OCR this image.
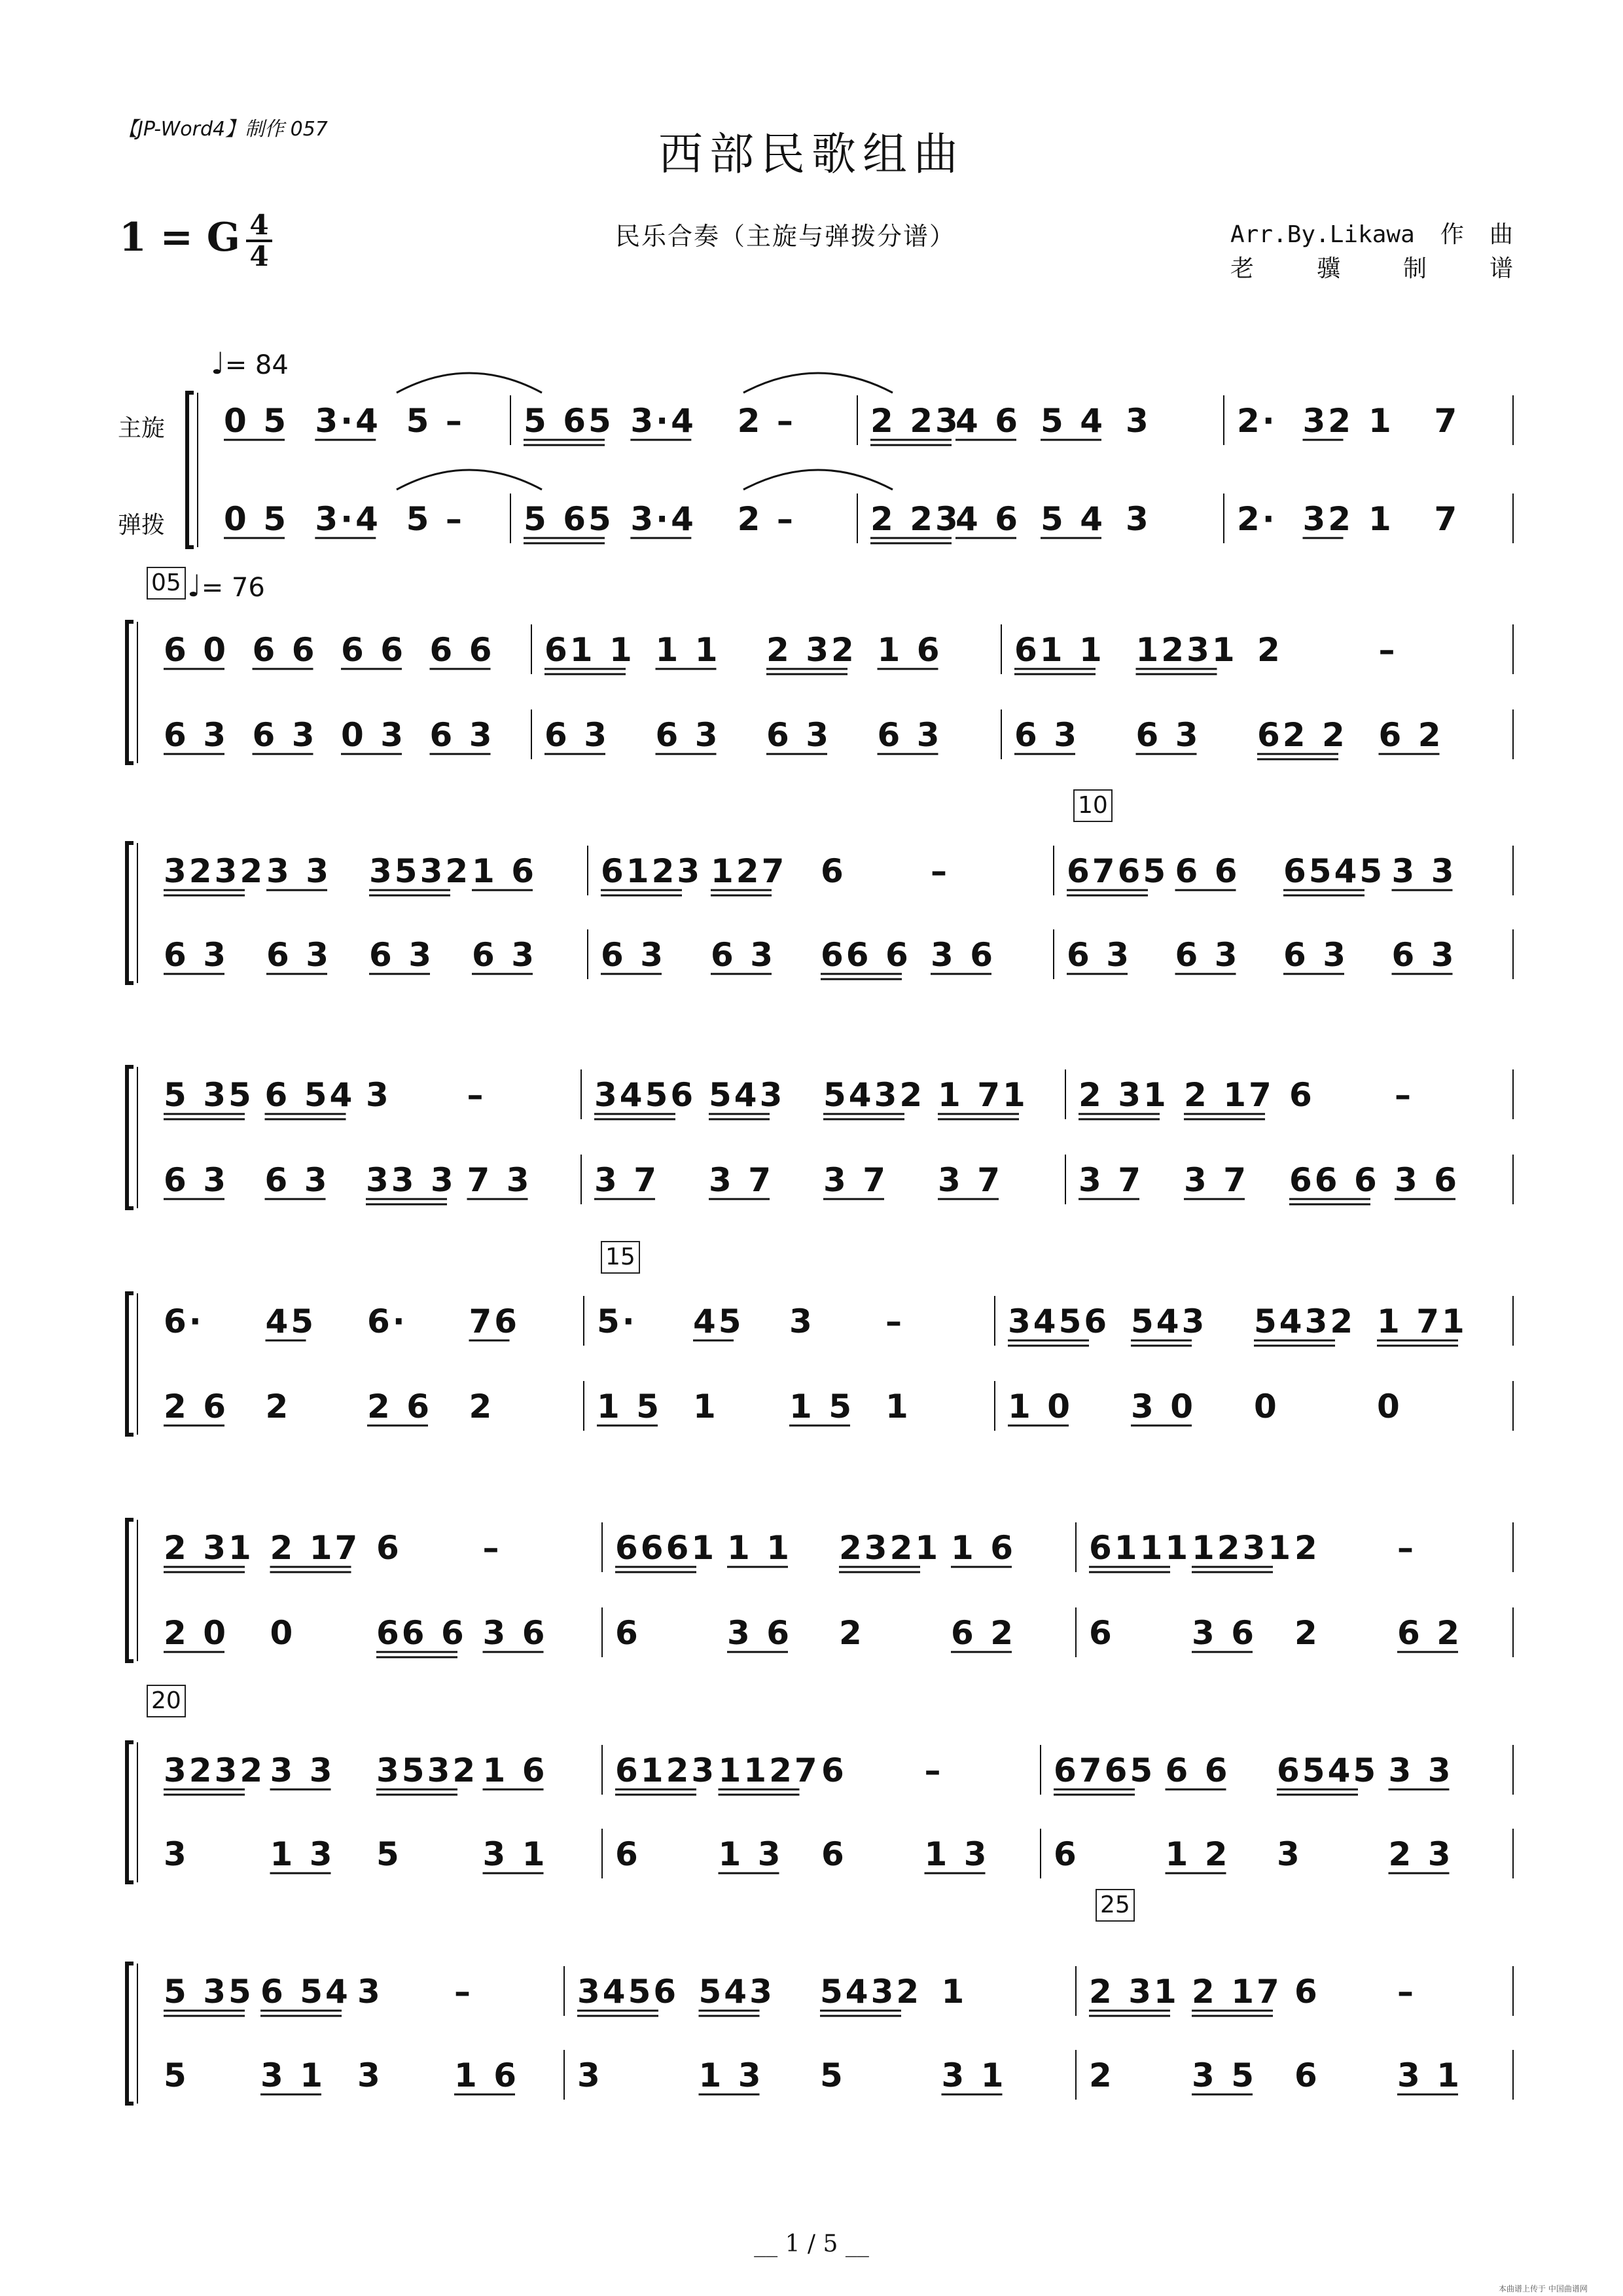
【JP-Word4】制作 057	西部民歌组曲
1 = G 4
4
民乐合奏（主旋与弹拨分谱）	Arr.By.Likawa作曲
老	骥	制	谱
♩= 84
♩= 76
主旋
弹拨
05
10
15
20
25
0 5 3·4 5 – 5 65 3·4 2 – 2 23
4 6 5 4 3	2· 32 1 7
0 5 3·4 5 – 5 65 3·4 2 – 2 23
4 6 5 4 3	2· 32 1 7
6 0 6 6 6 6 6 6 61 1 1 1 2 32 1 6 61 1 1231 2	–
6 3 6 3 0 3 6 3 6 3 6 3 6 3 6 3 6 3 6 3 62 2 6 2
3232 3 3 3532 1 6 6123 127 6	–	6765 6 6 6545 3 3
6 3 6 3 6 3 6 3 6 3 6 3 66 6 3 6 6 3 6 3 6 3 6 3
5 35 6 54 3 –	3456 543 5432 1 71 2 31 2 17 6 –
6 3 6 3 33 3 7 3 3 7 3 7 3 7 3 7 3 7 3 7 66 6 3 6
6· 45 6· 76 5· 45 3 –	3456 543 5432 1 71
2 6 2 2 6 2	1 5 1 1 5 1	1 0 3 0 0	0
2 31 2 17 6 –	6661 1 1 2321 1 6 6111 1231 2 –
2 0 0 66 6 3 6 6	3 6 2	6 2 6 3 6 2 6 2
3232 3 3 3532 1 6 6123 1127 6 –	6765 6 6 6545 3 3
3 1 3 5 3 1 6 1 3 6 1 3 6	1 2 3	2 3
5 35 6 54 3 –	3456 543 5432 1	2 31 2 17 6 –
5 3 1 3 1 6 3	1 3 5	3 1	2 3 5 6 3 1
__ 1 / 5 __
本曲谱上传于 中国曲谱网
